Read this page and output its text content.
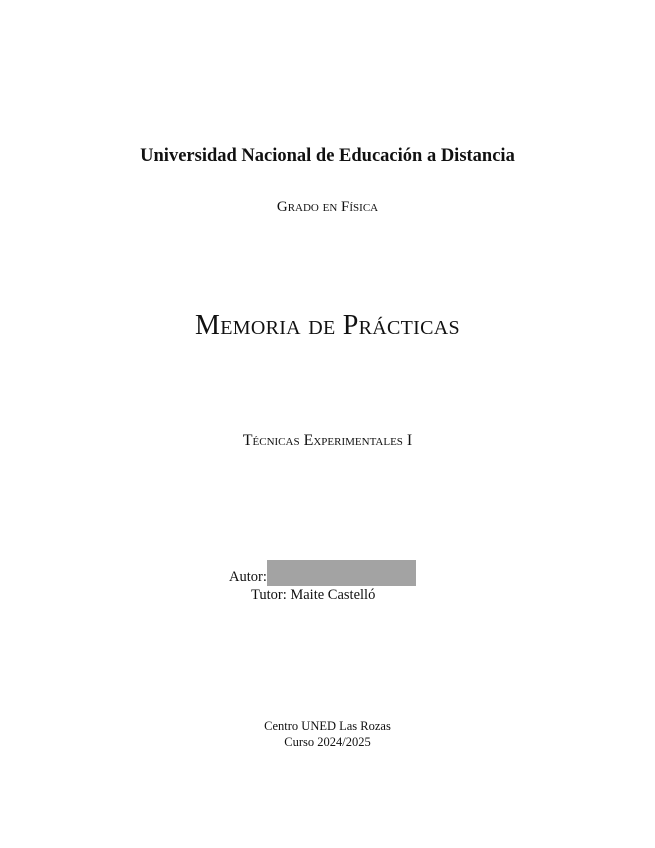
Universidad Nacional de Educación a Distancia
Grado en Física
Memoria de Prácticas
Técnicas Experimentales I
Autor:
Tutor: Maite Castelló
Centro UNED Las Rozas
Curso 2024/2025
